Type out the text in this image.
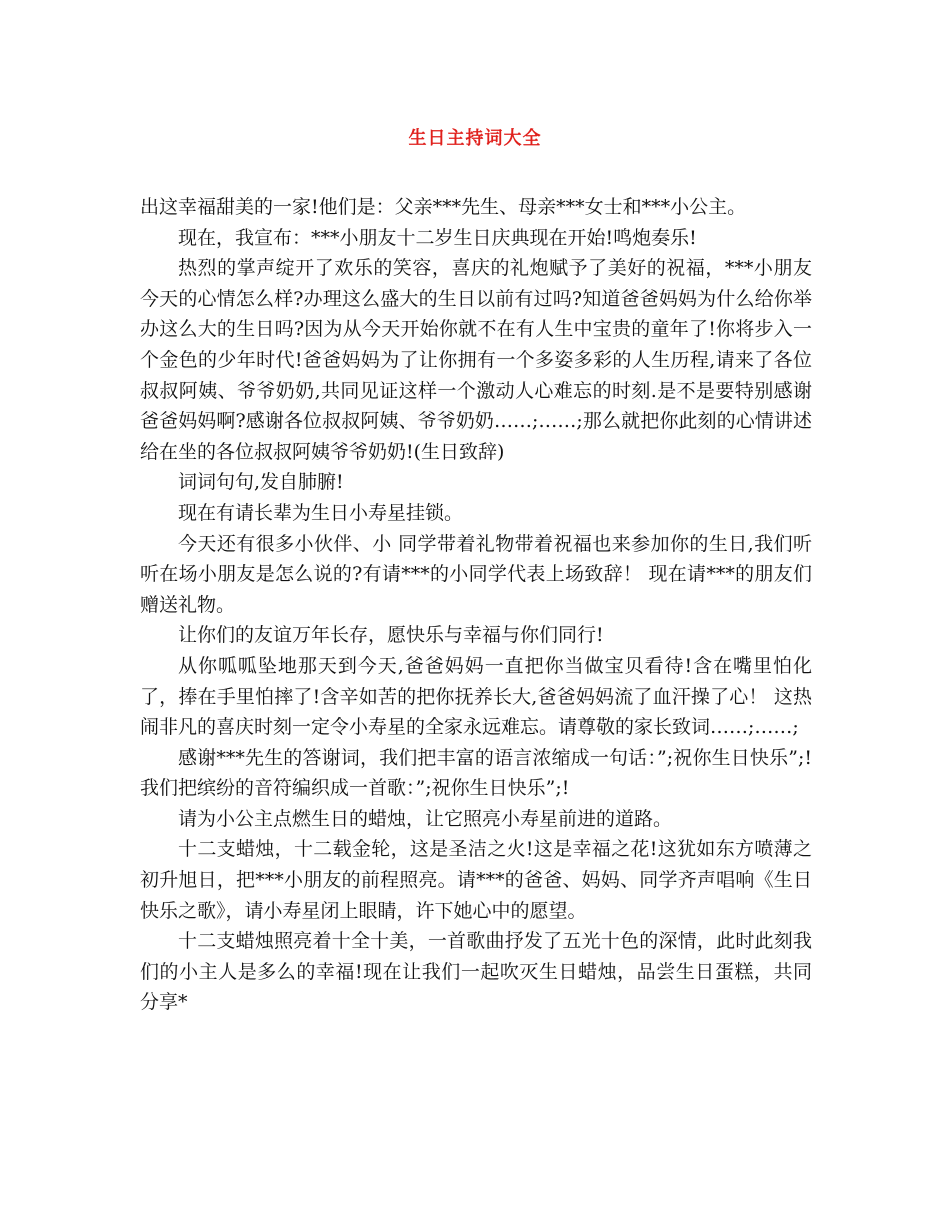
生日主持词大全

出这幸福甜美的一家!他们是：父亲***先生、母亲***女士和***小公主。

现在，我宣布：***小朋友十二岁生日庆典现在开始!鸣炮奏乐!

热烈的掌声绽开了欢乐的笑容，喜庆的礼炮赋予了美好的祝福，***小朋友今天的心情怎么样?办理这么盛大的生日以前有过吗?知道爸爸妈妈为什么给你举办这么大的生日吗?因为从今天开始你就不在有人生中宝贵的童年了!你将步入一个金色的少年时代!爸爸妈妈为了让你拥有一个多姿多彩的人生历程,请来了各位叔叔阿姨、爷爷奶奶,共同见证这样一个激动人心难忘的时刻.是不是要特别感谢爸爸妈妈啊?感谢各位叔叔阿姨、爷爷奶奶……;……;那么就把你此刻的心情讲述给在坐的各位叔叔阿姨爷爷奶奶!(生日致辞)

词词句句,发自肺腑!

现在有请长辈为生日小寿星挂锁。

今天还有很多小伙伴、小 同学带着礼物带着祝福也来参加你的生日,我们听听在场小朋友是怎么说的?有请***的小同学代表上场致辞！ 现在请***的朋友们赠送礼物。

让你们的友谊万年长存，愿快乐与幸福与你们同行!

从你呱呱坠地那天到今天,爸爸妈妈一直把你当做宝贝看待!含在嘴里怕化了，捧在手里怕摔了!含辛如苦的把你抚养长大,爸爸妈妈流了血汗操了心！ 这热闹非凡的喜庆时刻一定令小寿星的全家永远难忘。请尊敬的家长致词……;……;

感谢***先生的答谢词，我们把丰富的语言浓缩成一句话：”;祝你生日快乐”;!我们把缤纷的音符编织成一首歌：”;祝你生日快乐”;!

请为小公主点燃生日的蜡烛，让它照亮小寿星前进的道路。

十二支蜡烛，十二载金轮，这是圣洁之火!这是幸福之花!这犹如东方喷薄之初升旭日，把***小朋友的前程照亮。请***的爸爸、妈妈、同学齐声唱响《生日快乐之歌》，请小寿星闭上眼睛，许下她心中的愿望。

十二支蜡烛照亮着十全十美，一首歌曲抒发了五光十色的深情，此时此刻我们的小主人是多么的幸福!现在让我们一起吹灭生日蜡烛，品尝生日蛋糕，共同分享*
